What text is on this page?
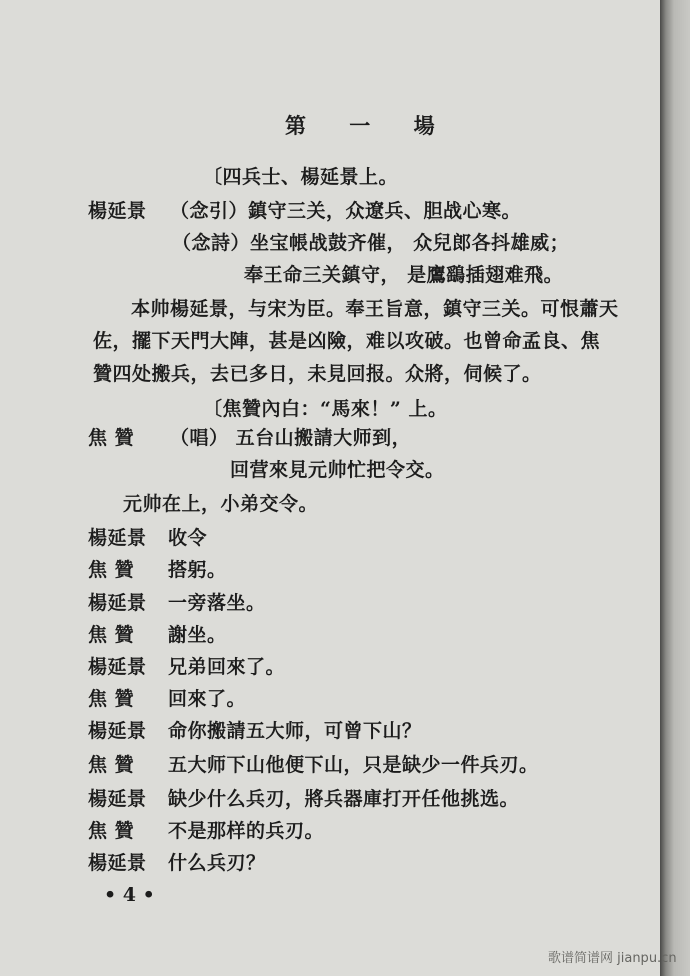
第 一 場
〔四兵士、楊延景上。
楊延景 （念引）鎮守三关，众遼兵、胆战心寒。
（念詩）坐宝帳战鼓齐催， 众兒郎各抖雄威；
奉王命三关鎮守， 是鷹鷂插翅难飛。
本帅楊延景，与宋为臣。奉王旨意，鎮守三关。可恨蕭天
佐，擺下天門大陣，甚是凶險，难以攻破。也曾命孟良、焦
贊四处搬兵，去已多日，未見回报。众將，伺候了。
〔焦贊內白：“馬來！” 上。
焦 贊 （唱） 五台山搬請大师到，
回营來見元帅忙把令交。
元帅在上，小弟交令。
楊延景 收令
焦 贊 搭躬。
楊延景 一旁落坐。
焦 贊 謝坐。
楊延景 兄弟回來了。
焦 贊 回來了。
楊延景 命你搬請五大师，可曾下山？
焦 贊 五大师下山他便下山，只是缺少一件兵刃。
楊延景 缺少什么兵刃，將兵器庫打开任他挑选。
焦 贊 不是那样的兵刃。
楊延景 什么兵刃？
• 4 •
歌谱简谱网 jianpu.cn
